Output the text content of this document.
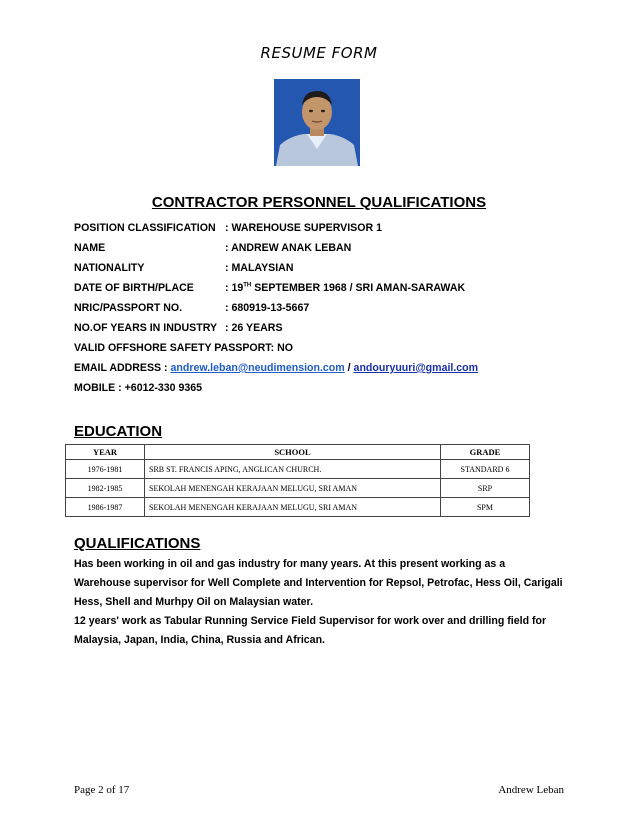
RESUME FORM
CONTRACTOR PERSONNEL QUALIFICATIONS
POSITION CLASSIFICATION : WAREHOUSE SUPERVISOR 1
NAME	: ANDREW ANAK LEBAN
NATIONALITY	: MALAYSIAN
DATE OF BIRTH/PLACE	: 19TH SEPTEMBER 1968 / SRI AMAN-SARAWAK
NRIC/PASSPORT NO.	: 680919-13-5667
NO.OF YEARS IN INDUSTRY : 26 YEARS
VALID OFFSHORE SAFETY PASSPORT: NO
EMAIL ADDRESS : andrew.leban@neudimension.com / andouryuuri@gmail.com
MOBILE : +6012-330 9365
EDUCATION
YEAR	SCHOOL	GRADE
1976-1981	SRB ST. FRANCIS APING, ANGLICAN CHURCH.	STANDARD 6
1982-1985	SEKOLAH MENENGAH KERAJAAN MELUGU, SRI AMAN	SRP
1986-1987	SEKOLAH MENENGAH KERAJAAN MELUGU, SRI AMAN	SPM
QUALIFICATIONS

Has been working in oil and gas industry for many years. At this present working as a Warehouse supervisor for Well Complete and Intervention for Repsol, Petrofac, Hess Oil, Carigali Hess, Shell and Murhpy Oil on Malaysian water.

12 years' work as Tabular Running Service Field Supervisor for work over and drilling field for Malaysia, Japan, India, China, Russia and African.

Page 2 of 17	Andrew Leban
